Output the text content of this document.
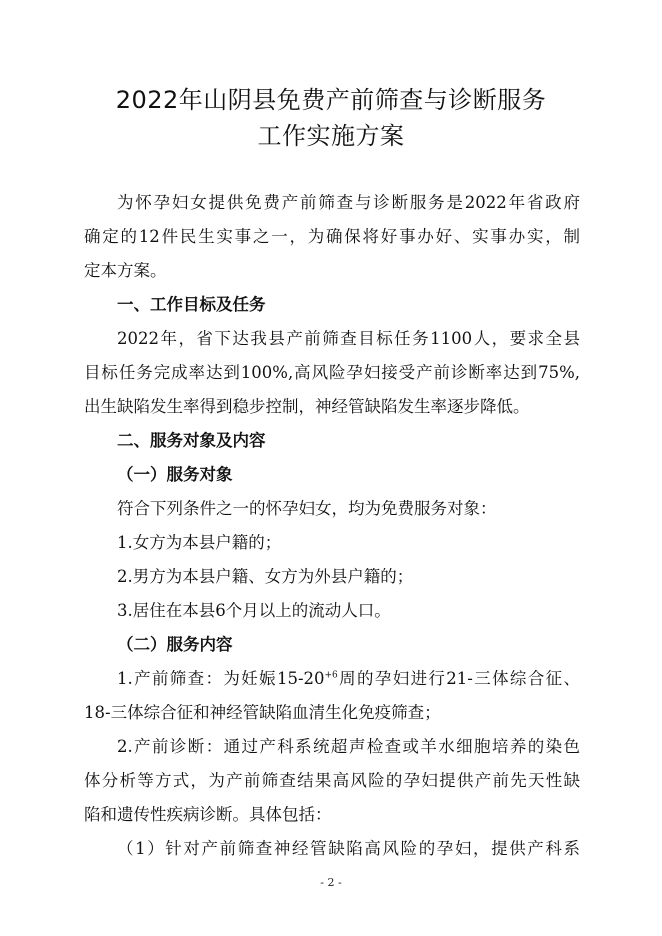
2022年山阴县免费产前筛查与诊断服务
工作实施方案
为怀孕妇女提供免费产前筛查与诊断服务是2022年省政府
确定的12件民生实事之一，为确保将好事办好、实事办实，制
定本方案。
一、工作目标及任务
2022年，省下达我县产前筛查目标任务1100人，要求全县
目标任务完成率达到100%,高风险孕妇接受产前诊断率达到75%,
出生缺陷发生率得到稳步控制，神经管缺陷发生率逐步降低。
二、服务对象及内容
（一）服务对象
符合下列条件之一的怀孕妇女，均为免费服务对象：
1.女方为本县户籍的；
2.男方为本县户籍、女方为外县户籍的；
3.居住在本县6个月以上的流动人口。
（二）服务内容
1.产前筛查：为妊娠$15-20^{+6}$周的孕妇进行21-三体综合征、
18-三体综合征和神经管缺陷血清生化免疫筛查；
2.产前诊断：通过产科系统超声检查或羊水细胞培养的染色
体分析等方式，为产前筛查结果高风险的孕妇提供产前先天性缺
陷和遗传性疾病诊断。具体包括：
（1）针对产前筛查神经管缺陷高风险的孕妇，提供产科系
- 2 -
